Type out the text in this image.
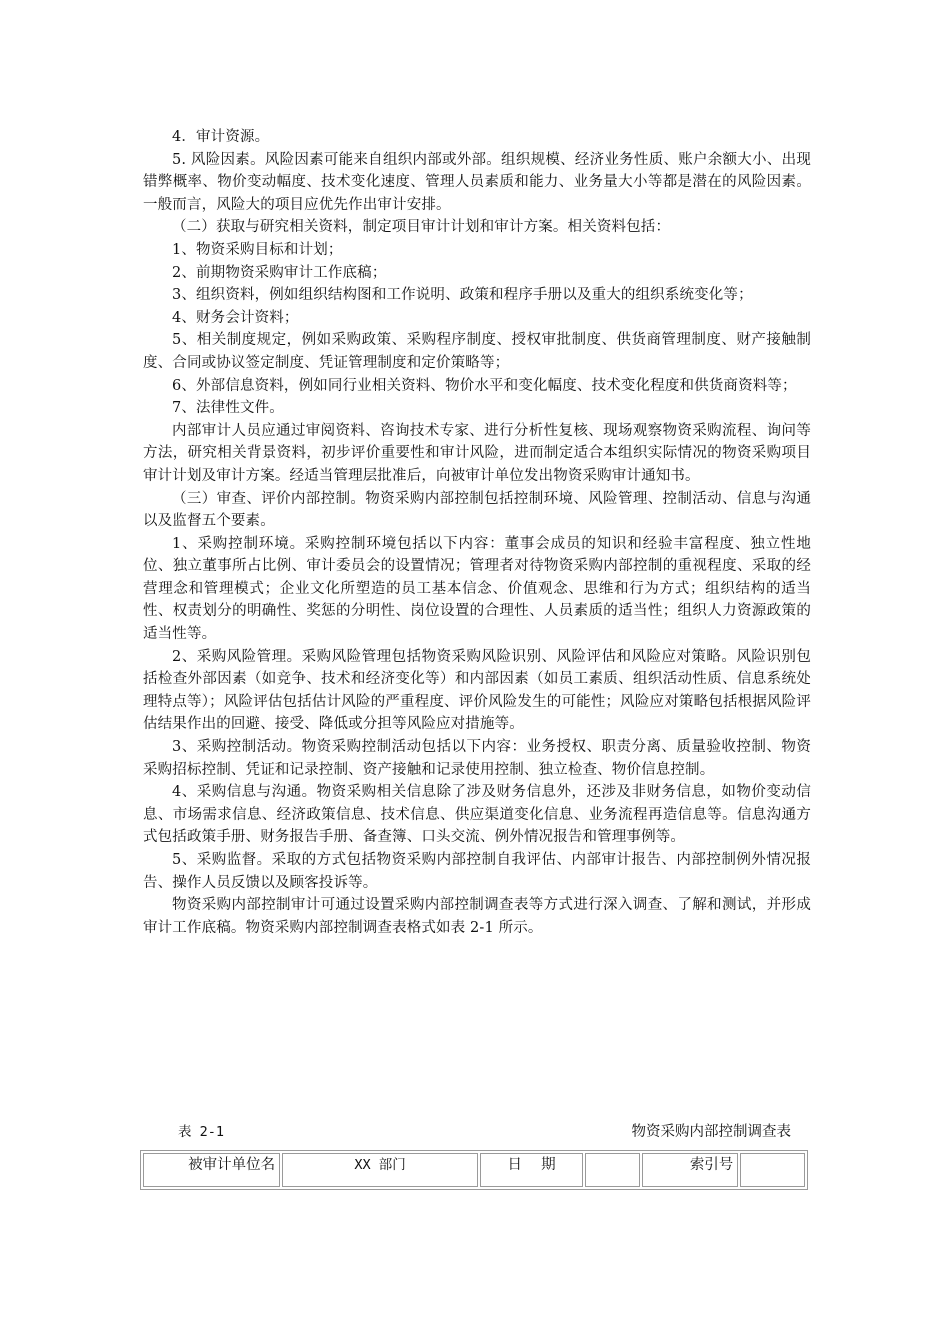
4．审计资源。

5. 风险因素。风险因素可能来自组织内部或外部。组织规模、经济业务性质、账户余额大小、出现错弊概率、物价变动幅度、技术变化速度、管理人员素质和能力、业务量大小等都是潜在的风险因素。一般而言，风险大的项目应优先作出审计安排。

（二）获取与研究相关资料，制定项目审计计划和审计方案。相关资料包括：

1、物资采购目标和计划；

2、前期物资采购审计工作底稿；

3、组织资料，例如组织结构图和工作说明、政策和程序手册以及重大的组织系统变化等；

4、财务会计资料；

5、相关制度规定，例如采购政策、采购程序制度、授权审批制度、供货商管理制度、财产接触制度、合同或协议签定制度、凭证管理制度和定价策略等；

6、外部信息资料，例如同行业相关资料、物价水平和变化幅度、技术变化程度和供货商资料等；

7、法律性文件。

内部审计人员应通过审阅资料、咨询技术专家、进行分析性复核、现场观察物资采购流程、询问等方法，研究相关背景资料，初步评价重要性和审计风险，进而制定适合本组织实际情况的物资采购项目审计计划及审计方案。经适当管理层批准后，向被审计单位发出物资采购审计通知书。

（三）审查、评价内部控制。物资采购内部控制包括控制环境、风险管理、控制活动、信息与沟通以及监督五个要素。

1、采购控制环境。采购控制环境包括以下内容：董事会成员的知识和经验丰富程度、独立性地位、独立董事所占比例、审计委员会的设置情况；管理者对待物资采购内部控制的重视程度、采取的经营理念和管理模式；企业文化所塑造的员工基本信念、价值观念、思维和行为方式；组织结构的适当性、权责划分的明确性、奖惩的分明性、岗位设置的合理性、人员素质的适当性；组织人力资源政策的适当性等。

2、采购风险管理。采购风险管理包括物资采购风险识别、风险评估和风险应对策略。风险识别包括检查外部因素（如竞争、技术和经济变化等）和内部因素（如员工素质、组织活动性质、信息系统处理特点等）；风险评估包括估计风险的严重程度、评价风险发生的可能性；风险应对策略包括根据风险评估结果作出的回避、接受、降低或分担等风险应对措施等。

3、采购控制活动。物资采购控制活动包括以下内容：业务授权、职责分离、质量验收控制、物资采购招标控制、凭证和记录控制、资产接触和记录使用控制、独立检查、物价信息控制。

4、采购信息与沟通。物资采购相关信息除了涉及财务信息外，还涉及非财务信息，如物价变动信息、市场需求信息、经济政策信息、技术信息、供应渠道变化信息、业务流程再造信息等。信息沟通方式包括政策手册、财务报告手册、备查簿、口头交流、例外情况报告和管理事例等。

5、采购监督。采取的方式包括物资采购内部控制自我评估、内部审计报告、内部控制例外情况报告、操作人员反馈以及顾客投诉等。

物资采购内部控制审计可通过设置采购内部控制调查表等方式进行深入调查、了解和测试，并形成审计工作底稿。物资采购内部控制调查表格式如表 2-1 所示。

表 2-1	物资采购内部控制调查表
被审计单位名	XX 部门	日　 期		索引号	
